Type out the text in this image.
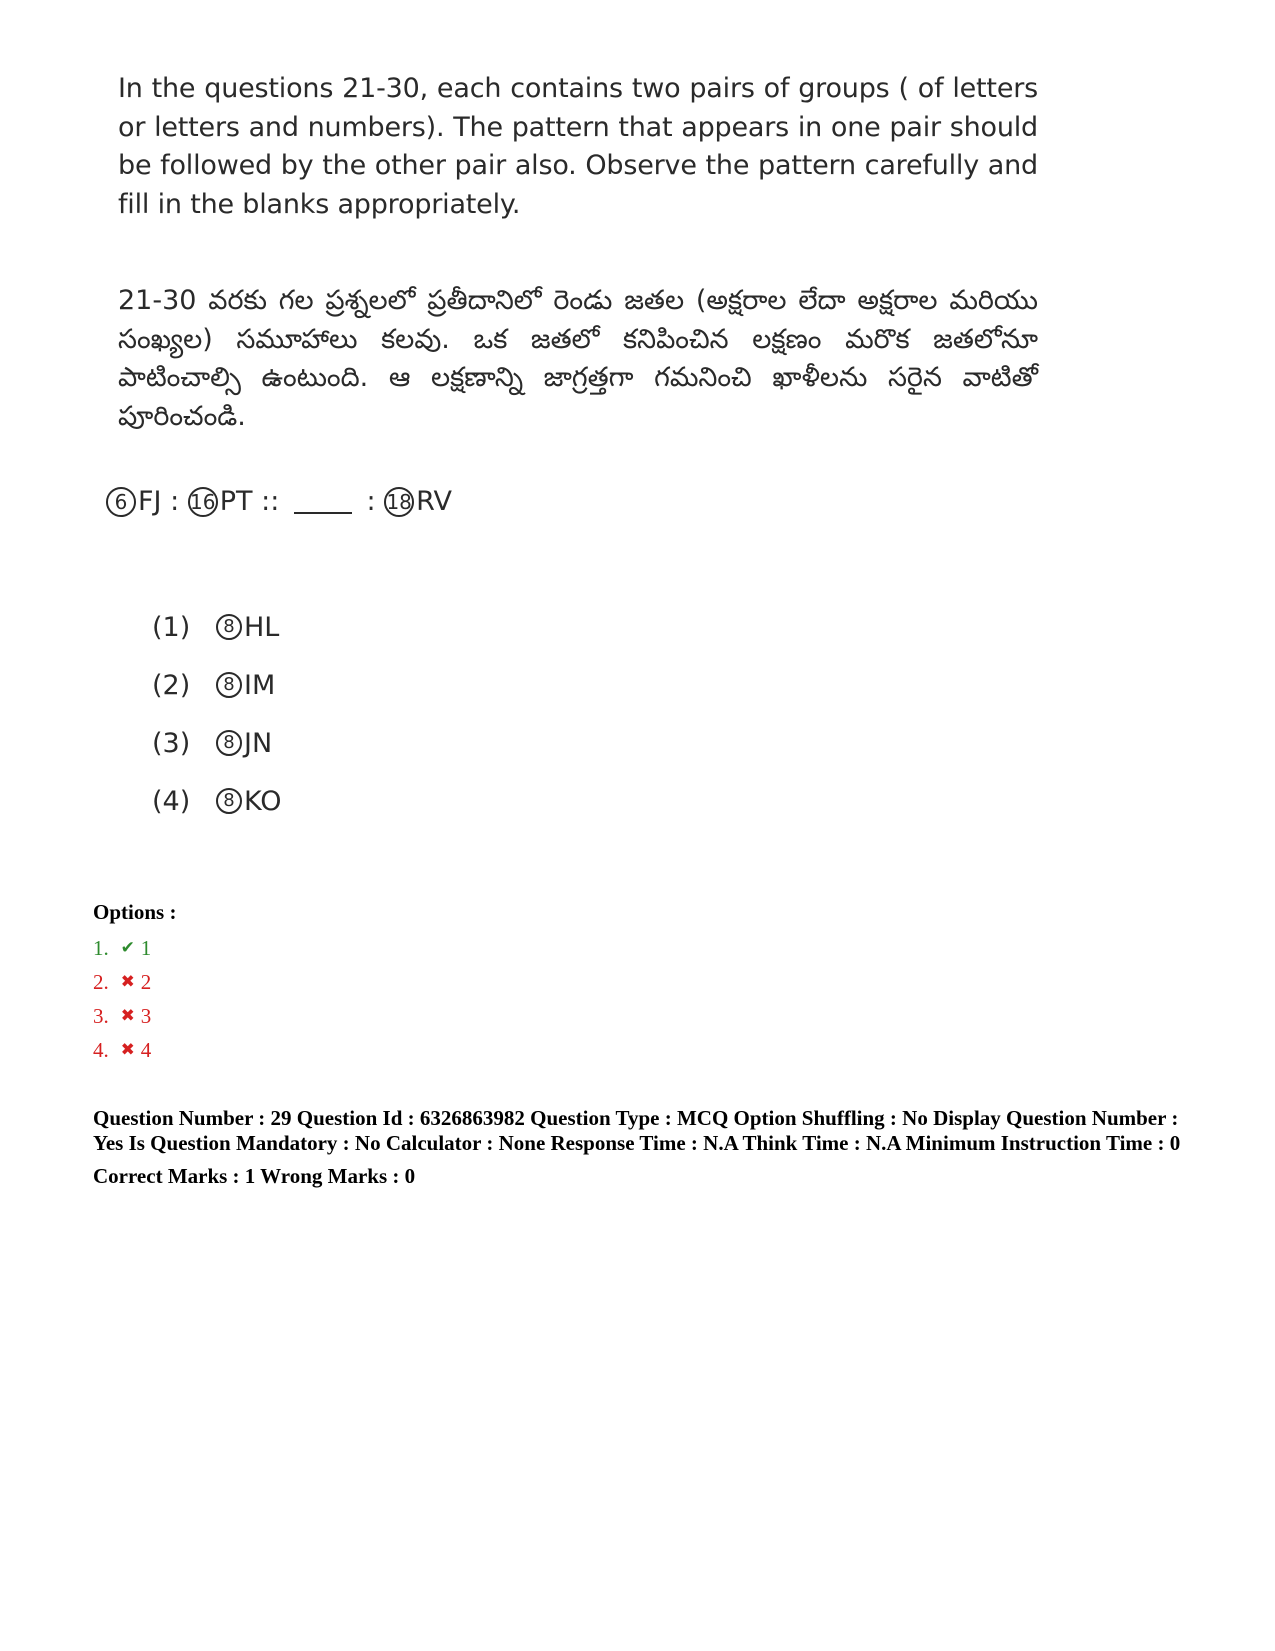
In the questions 21-30, each contains two pairs of groups ( of letters or letters and numbers). The pattern that appears in one pair should be followed by the other pair also. Observe the pattern carefully and fill in the blanks appropriately.

21-30 వరకు గల ప్రశ్నలలో ప్రతీదానిలో రెండు జతల (అక్షరాల లేదా అక్షరాల మరియు సంఖ్యల) సమూహాలు కలవు. ఒక జతలో కనిపించిన లక్షణం మరొక జతలోనూ పాటించాల్సి ఉంటుంది. ఆ లక్షణాన్ని జాగ్రత్తగా గమనించి ఖాళీలను సరైన వాటితో పూరించండి.

6 FJ : 16 PT ::	: 18 RV
(1)	8 HL
(2)	8 IM
(3)	8 JN
(4)	8 KO
Options :
1. ✔ 1
2. ✖ 2
3. ✖ 3
4. ✖ 4

Question Number : 29 Question Id : 6326863982 Question Type : MCQ Option Shuffling : No Display Question Number : Yes Is Question Mandatory : No Calculator : None Response Time : N.A Think Time : N.A Minimum Instruction Time : 0

Correct Marks : 1 Wrong Marks : 0
